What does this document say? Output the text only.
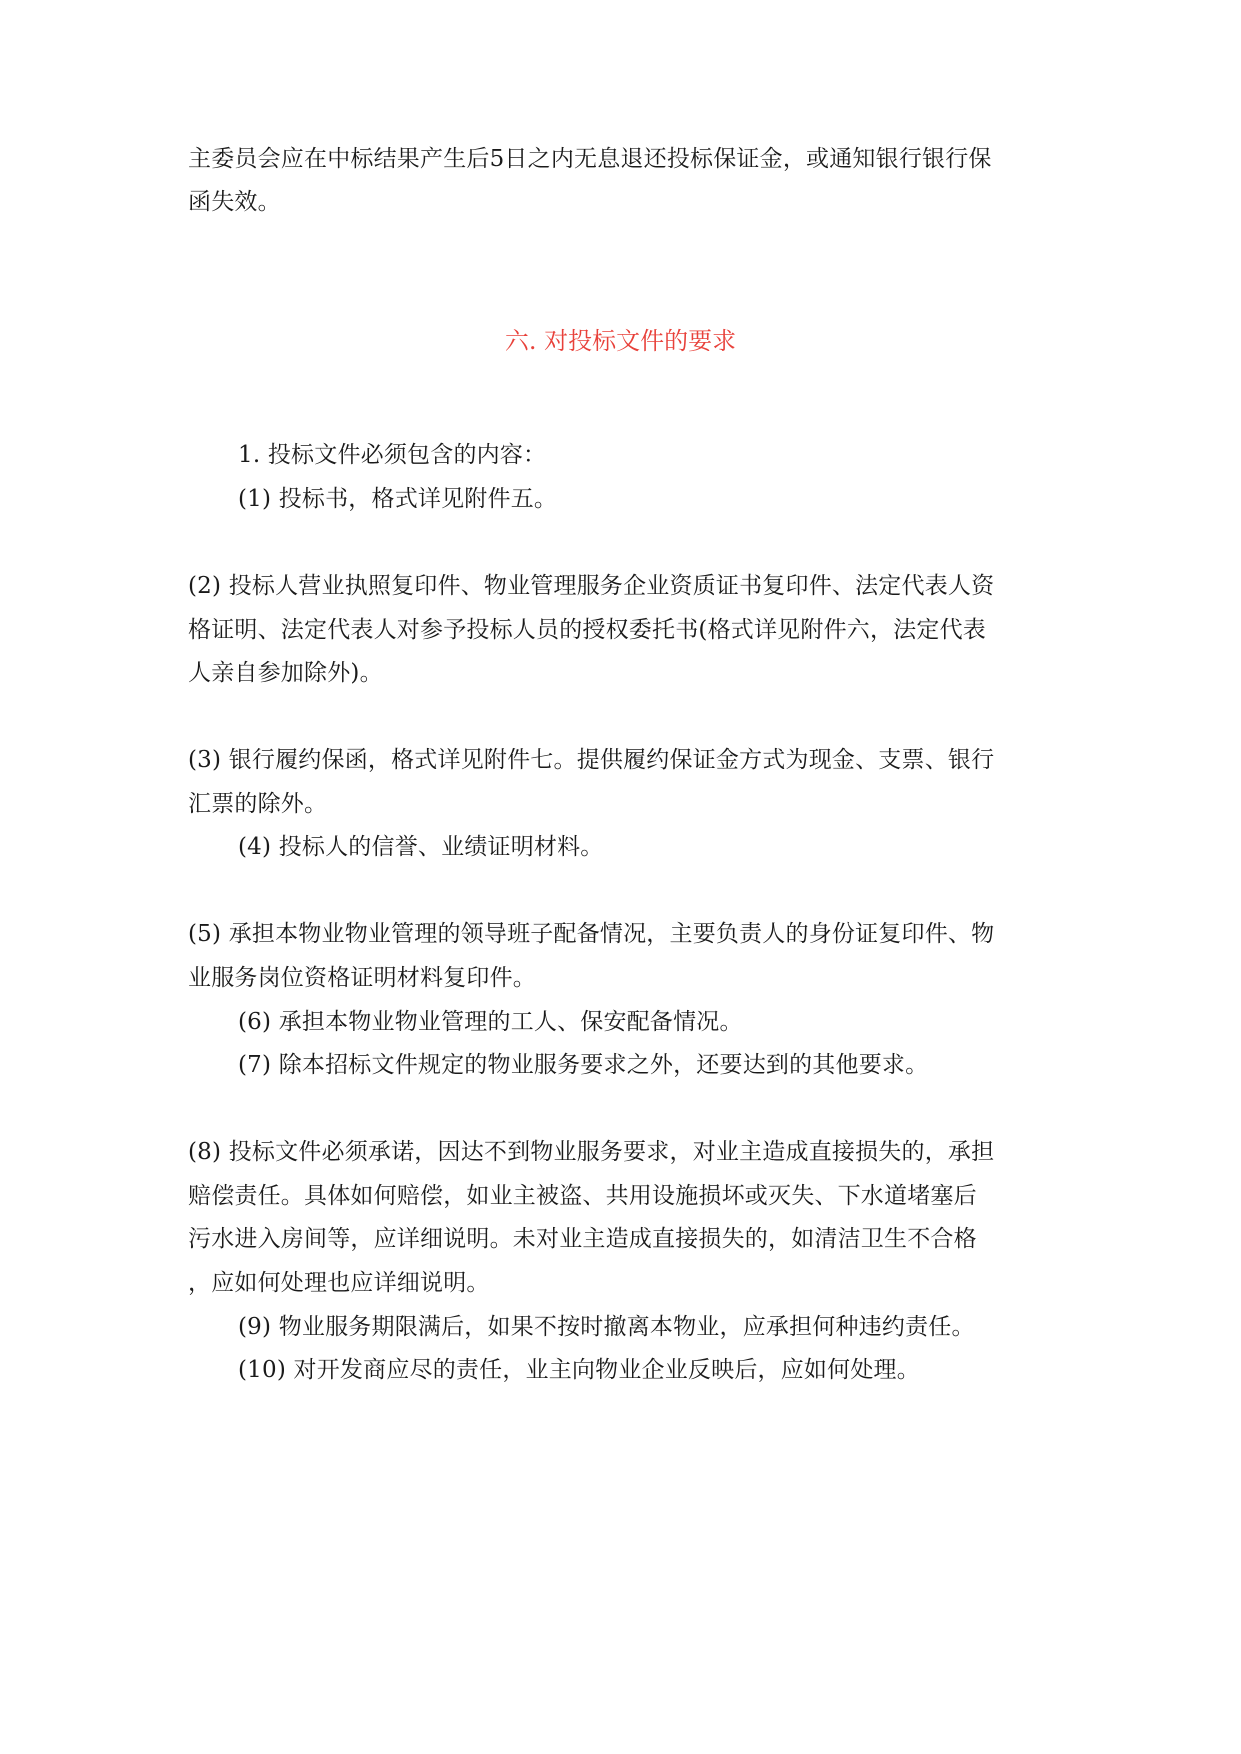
主委员会应在中标结果产生后5日之内无息退还投标保证金，或通知银行银行保
函失效。
六. 对投标文件的要求
1. 投标文件必须包含的内容：
(1) 投标书，格式详见附件五。
(2) 投标人营业执照复印件、物业管理服务企业资质证书复印件、法定代表人资
格证明、法定代表人对参予投标人员的授权委托书(格式详见附件六，法定代表
人亲自参加除外)。
(3) 银行履约保函，格式详见附件七。提供履约保证金方式为现金、支票、银行
汇票的除外。
(4) 投标人的信誉、业绩证明材料。
(5) 承担本物业物业管理的领导班子配备情况，主要负责人的身份证复印件、物
业服务岗位资格证明材料复印件。
(6) 承担本物业物业管理的工人、保安配备情况。
(7) 除本招标文件规定的物业服务要求之外，还要达到的其他要求。
(8) 投标文件必须承诺，因达不到物业服务要求，对业主造成直接损失的，承担
赔偿责任。具体如何赔偿，如业主被盗、共用设施损坏或灭失、下水道堵塞后
污水进入房间等，应详细说明。未对业主造成直接损失的，如清洁卫生不合格
，应如何处理也应详细说明。
(9) 物业服务期限满后，如果不按时撤离本物业，应承担何种违约责任。
(10) 对开发商应尽的责任，业主向物业企业反映后，应如何处理。
